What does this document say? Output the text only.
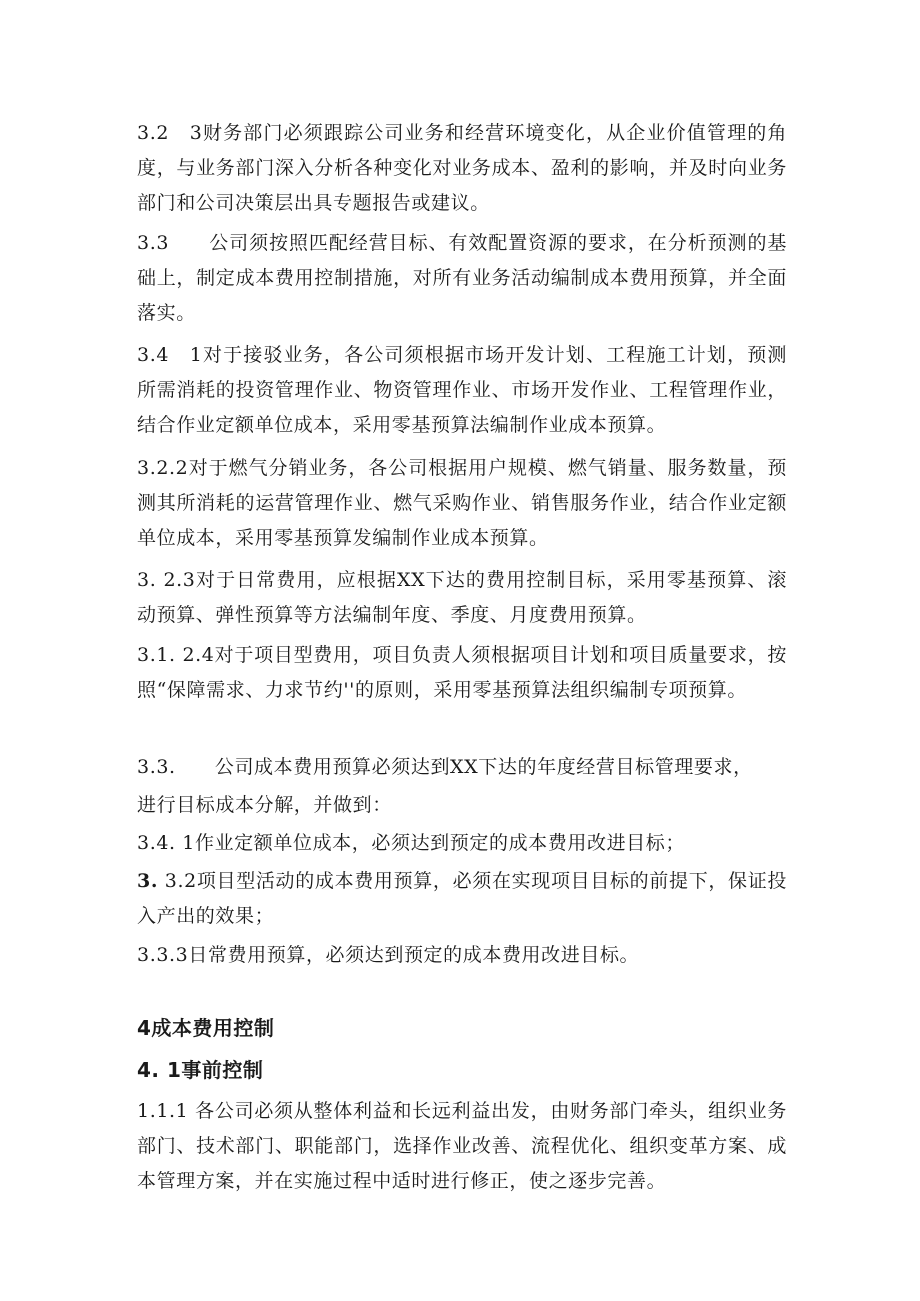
3.2　3财务部门必须跟踪公司业务和经营环境变化，从企业价值管理的角度，与业务部门深入分析各种变化对业务成本、盈利的影响，并及时向业务部门和公司决策层出具专题报告或建议。

3.3　　公司须按照匹配经营目标、有效配置资源的要求，在分析预测的基础上，制定成本费用控制措施，对所有业务活动编制成本费用预算，并全面落实。

3.4　1对于接驳业务，各公司须根据市场开发计划、工程施工计划，预测所需消耗的投资管理作业、物资管理作业、市场开发作业、工程管理作业，结合作业定额单位成本，采用零基预算法编制作业成本预算。

3.2.2对于燃气分销业务，各公司根据用户规模、燃气销量、服务数量，预测其所消耗的运营管理作业、燃气采购作业、销售服务作业，结合作业定额单位成本，采用零基预算发编制作业成本预算。

3. 2.3对于日常费用，应根据XX下达的费用控制目标，采用零基预算、滚动预算、弹性预算等方法编制年度、季度、月度费用预算。

3.1. 2.4对于项目型费用，项目负责人须根据项目计划和项目质量要求，按照“保障需求、力求节约''的原则，采用零基预算法组织编制专项预算。

3.3.　　公司成本费用预算必须达到XX下达的年度经营目标管理要求，

进行目标成本分解，并做到：

3.4. 1作业定额单位成本，必须达到预定的成本费用改进目标；

3. 3.2项目型活动的成本费用预算，必须在实现项目目标的前提下，保证投入产出的效果；

3.3.3日常费用预算，必须达到预定的成本费用改进目标。

4成本费用控制
4. 1事前控制

1.1.1 各公司必须从整体利益和长远利益出发，由财务部门牵头，组织业务部门、技术部门、职能部门，选择作业改善、流程优化、组织变革方案、成本管理方案，并在实施过程中适时进行修正，使之逐步完善。
